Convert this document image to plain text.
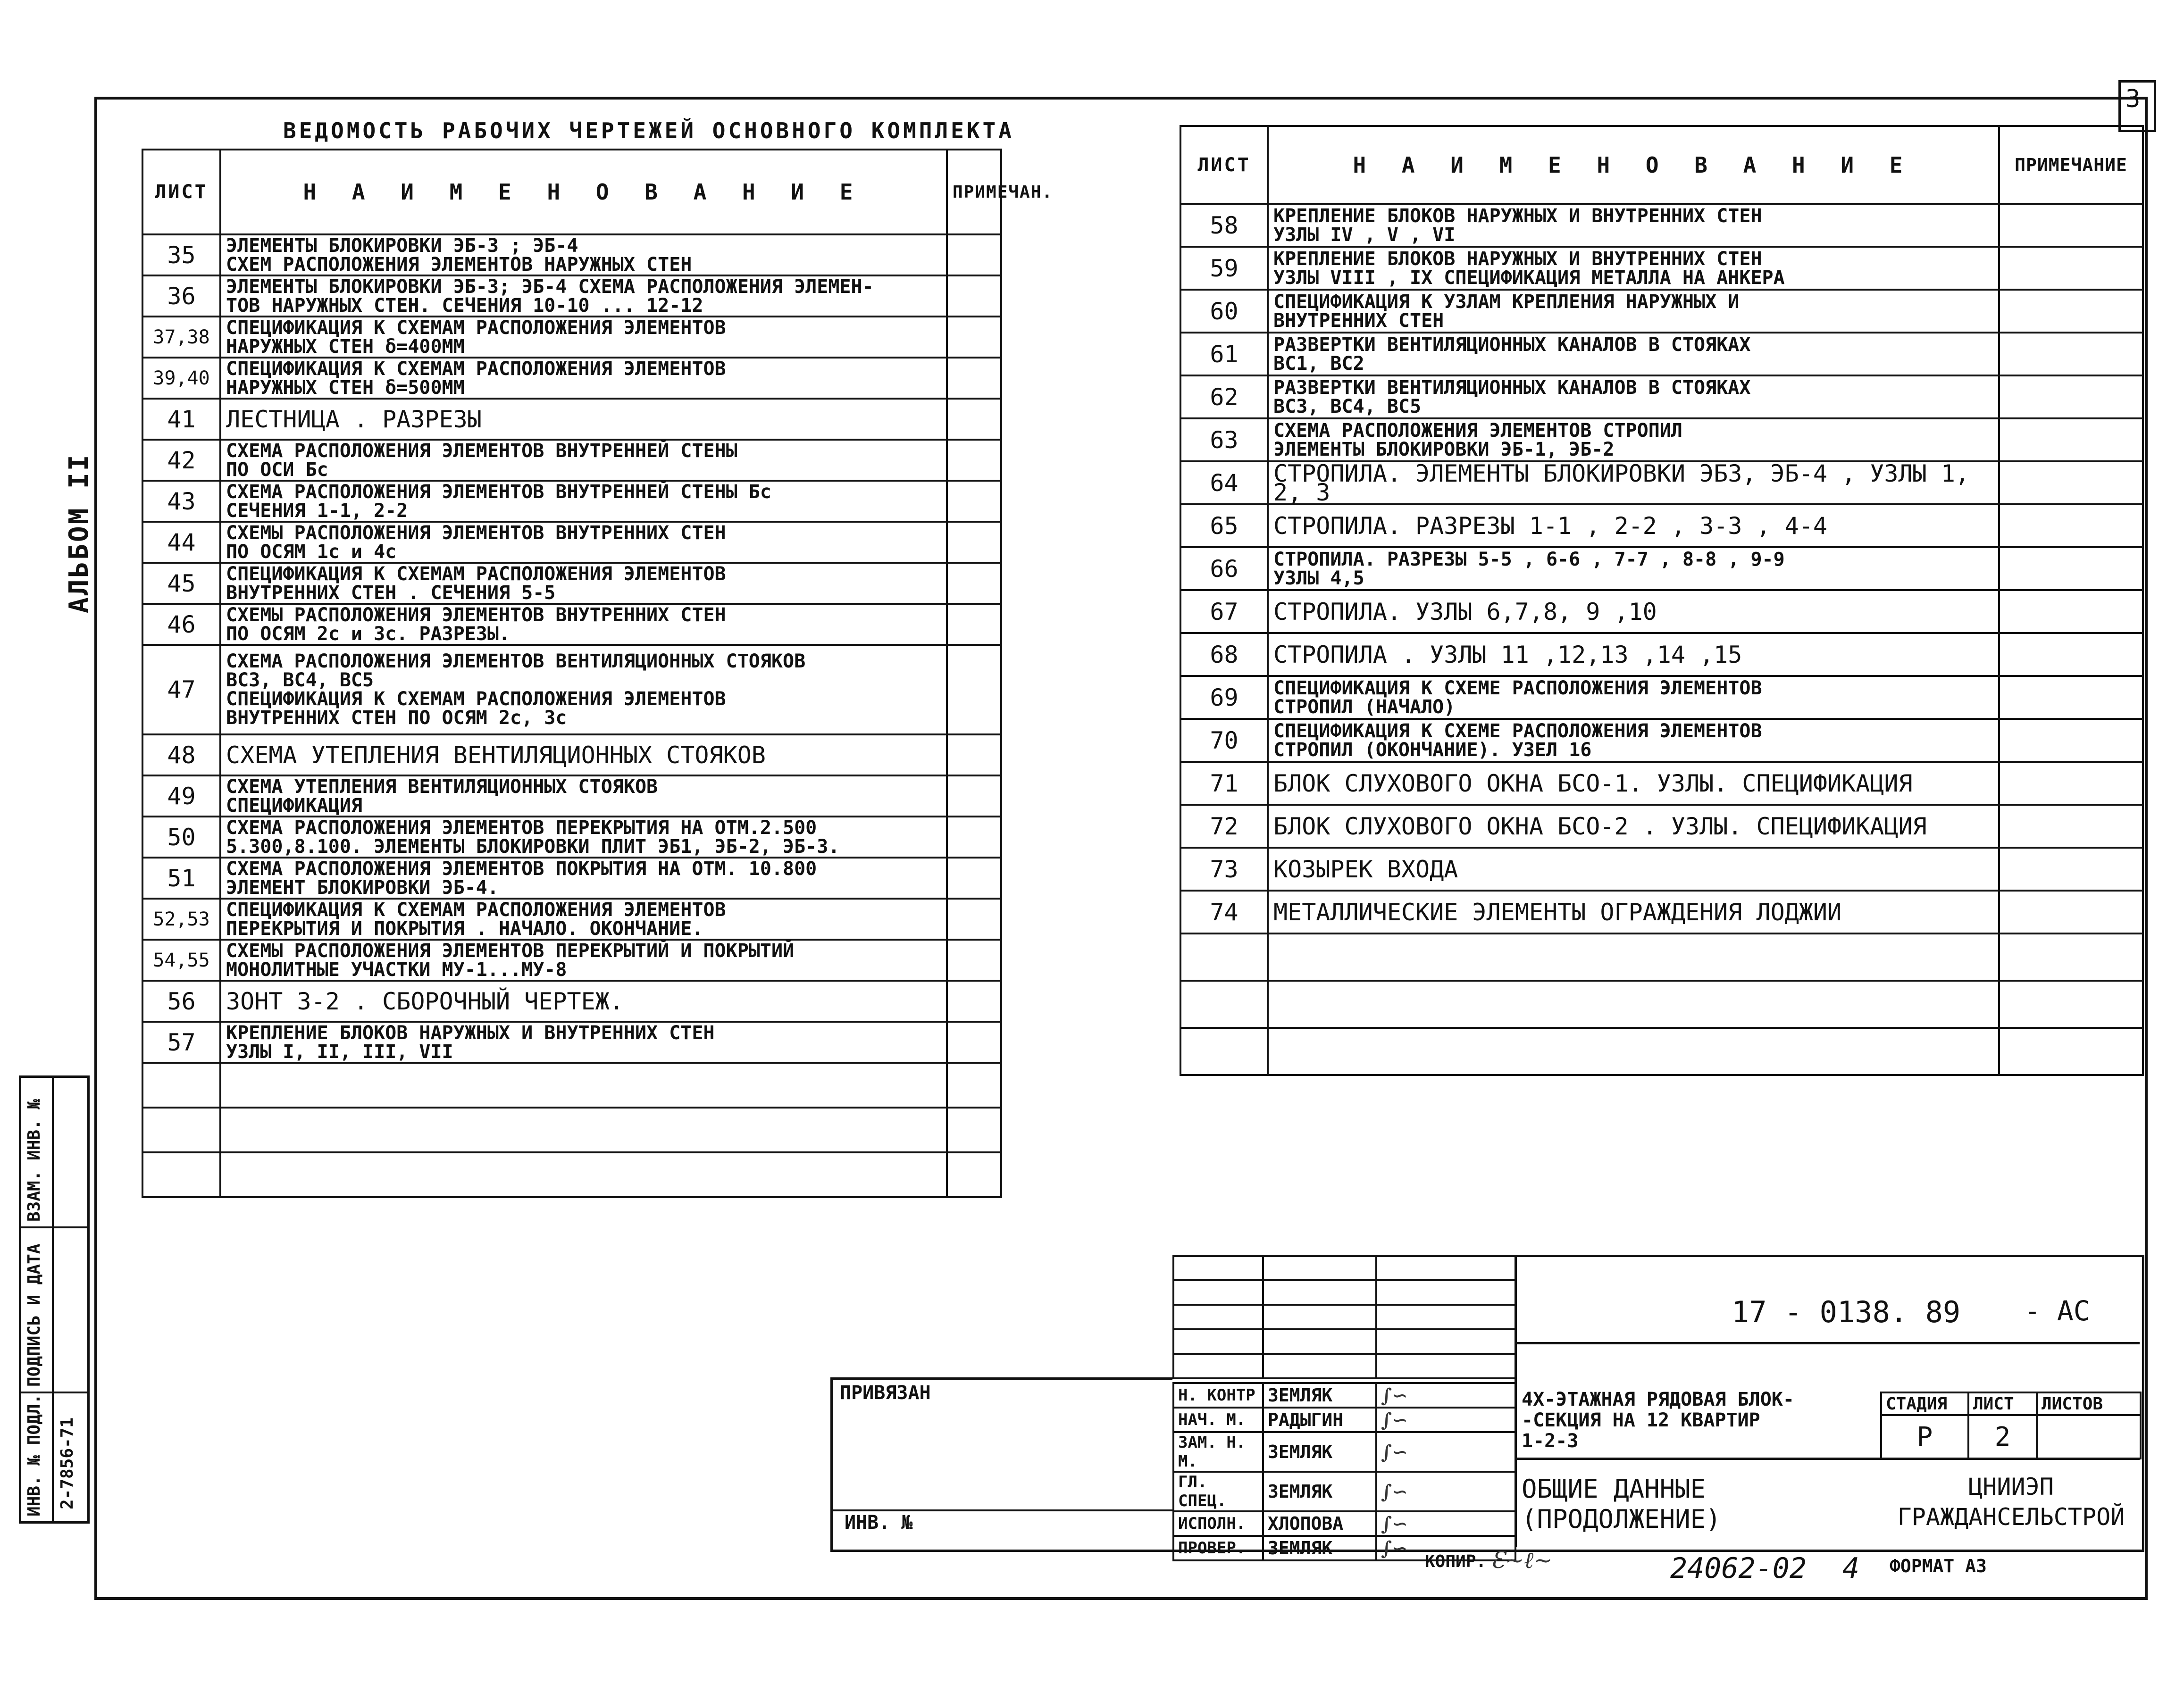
3
АЛЬБОМ II
ВЗАМ. ИНВ. №
ПОДПИСЬ И ДАТА
ИНВ. № ПОДЛ. 2-7856-71
ВЕДОМОСТЬ РАБОЧИХ ЧЕРТЕЖЕЙ ОСНОВНОГО КОМПЛЕКТА
ЛИСТ	Н А И М Е Н О В А Н И Е	ПРИМЕЧАН.
35	ЭЛЕМЕНТЫ БЛОКИРОВКИ ЭБ-3 ; ЭБ-4
СХЕМ РАСПОЛОЖЕНИЯ ЭЛЕМЕНТОВ НАРУЖНЫХ СТЕН	
36	ЭЛЕМЕНТЫ БЛОКИРОВКИ ЭБ-3; ЭБ-4 СХЕМА РАСПОЛОЖЕНИЯ ЭЛЕМЕН-
ТОВ НАРУЖНЫХ СТЕН. СЕЧЕНИЯ 10-10 ... 12-12	
37,38	СПЕЦИФИКАЦИЯ К СХЕМАМ РАСПОЛОЖЕНИЯ ЭЛЕМЕНТОВ
НАРУЖНЫХ СТЕН δ=400ММ	
39,40	СПЕЦИФИКАЦИЯ К СХЕМАМ РАСПОЛОЖЕНИЯ ЭЛЕМЕНТОВ
НАРУЖНЫХ СТЕН δ=500ММ	
41	ЛЕСТНИЦА . РАЗРЕЗЫ	
42	СХЕМА РАСПОЛОЖЕНИЯ ЭЛЕМЕНТОВ ВНУТРЕННЕЙ СТЕНЫ
ПО ОСИ Бс	
43	СХЕМА РАСПОЛОЖЕНИЯ ЭЛЕМЕНТОВ ВНУТРЕННЕЙ СТЕНЫ Бс
СЕЧЕНИЯ 1-1, 2-2	
44	СХЕМЫ РАСПОЛОЖЕНИЯ ЭЛЕМЕНТОВ ВНУТРЕННИХ СТЕН
ПО ОСЯМ 1с и 4с	
45	СПЕЦИФИКАЦИЯ К СХЕМАМ РАСПОЛОЖЕНИЯ ЭЛЕМЕНТОВ
ВНУТРЕННИХ СТЕН . СЕЧЕНИЯ 5-5	
46	СХЕМЫ РАСПОЛОЖЕНИЯ ЭЛЕМЕНТОВ ВНУТРЕННИХ СТЕН
ПО ОСЯМ 2с и 3с. РАЗРЕЗЫ.	
47	СХЕМА РАСПОЛОЖЕНИЯ ЭЛЕМЕНТОВ ВЕНТИЛЯЦИОННЫХ СТОЯКОВ
ВС3, ВС4, ВС5
СПЕЦИФИКАЦИЯ К СХЕМАМ РАСПОЛОЖЕНИЯ ЭЛЕМЕНТОВ
ВНУТРЕННИХ СТЕН ПО ОСЯМ 2с, 3с	
48	СХЕМА УТЕПЛЕНИЯ ВЕНТИЛЯЦИОННЫХ СТОЯКОВ	
49	СХЕМА УТЕПЛЕНИЯ ВЕНТИЛЯЦИОННЫХ СТОЯКОВ
СПЕЦИФИКАЦИЯ	
50	СХЕМА РАСПОЛОЖЕНИЯ ЭЛЕМЕНТОВ ПЕРЕКРЫТИЯ НА ОТМ.2.500
5.300,8.100. ЭЛЕМЕНТЫ БЛОКИРОВКИ ПЛИТ ЭБ1, ЭБ-2, ЭБ-3.	
51	СХЕМА РАСПОЛОЖЕНИЯ ЭЛЕМЕНТОВ ПОКРЫТИЯ НА ОТМ. 10.800
ЭЛЕМЕНТ БЛОКИРОВКИ ЭБ-4.	
52,53	СПЕЦИФИКАЦИЯ К СХЕМАМ РАСПОЛОЖЕНИЯ ЭЛЕМЕНТОВ
ПЕРЕКРЫТИЯ И ПОКРЫТИЯ . НАЧАЛО. ОКОНЧАНИЕ.	
54,55	СХЕМЫ РАСПОЛОЖЕНИЯ ЭЛЕМЕНТОВ ПЕРЕКРЫТИЙ И ПОКРЫТИЙ
МОНОЛИТНЫЕ УЧАСТКИ МУ-1...МУ-8	
56	ЗОНТ 3-2 . СБОРОЧНЫЙ ЧЕРТЕЖ.	
57	КРЕПЛЕНИЕ БЛОКОВ НАРУЖНЫХ И ВНУТРЕННИХ СТЕН
УЗЛЫ I, II, III, VII	

ЛИСТ	Н А И М Е Н О В А Н И Е	ПРИМЕЧАНИЕ
58	КРЕПЛЕНИЕ БЛОКОВ НАРУЖНЫХ И ВНУТРЕННИХ СТЕН
УЗЛЫ IV , V , VI	
59	КРЕПЛЕНИЕ БЛОКОВ НАРУЖНЫХ И ВНУТРЕННИХ СТЕН
УЗЛЫ VIII , IX СПЕЦИФИКАЦИЯ МЕТАЛЛА НА АНКЕРА	
60	СПЕЦИФИКАЦИЯ К УЗЛАМ КРЕПЛЕНИЯ НАРУЖНЫХ И
ВНУТРЕННИХ СТЕН	
61	РАЗВЕРТКИ ВЕНТИЛЯЦИОННЫХ КАНАЛОВ В СТОЯКАХ
ВС1, ВС2	
62	РАЗВЕРТКИ ВЕНТИЛЯЦИОННЫХ КАНАЛОВ В СТОЯКАХ
ВС3, ВС4, ВС5	
63	СХЕМА РАСПОЛОЖЕНИЯ ЭЛЕМЕНТОВ СТРОПИЛ
ЭЛЕМЕНТЫ БЛОКИРОВКИ ЭБ-1, ЭБ-2	
64	СТРОПИЛА. ЭЛЕМЕНТЫ БЛОКИРОВКИ ЭБ3, ЭБ-4 , УЗЛЫ 1, 2, 3	
65	СТРОПИЛА. РАЗРЕЗЫ 1-1 , 2-2 , 3-3 , 4-4	
66	СТРОПИЛА. РАЗРЕЗЫ 5-5 , 6-6 , 7-7 , 8-8 , 9-9
УЗЛЫ 4,5	
67	СТРОПИЛА. УЗЛЫ 6,7,8, 9 ,10	
68	СТРОПИЛА . УЗЛЫ 11 ,12,13 ,14 ,15	
69	СПЕЦИФИКАЦИЯ К СХЕМЕ РАСПОЛОЖЕНИЯ ЭЛЕМЕНТОВ
СТРОПИЛ (НАЧАЛО)	
70	СПЕЦИФИКАЦИЯ К СХЕМЕ РАСПОЛОЖЕНИЯ ЭЛЕМЕНТОВ
СТРОПИЛ (ОКОНЧАНИЕ). УЗЕЛ 16	
71	БЛОК СЛУХОВОГО ОКНА БСО-1. УЗЛЫ. СПЕЦИФИКАЦИЯ	
72	БЛОК СЛУХОВОГО ОКНА БСО-2 . УЗЛЫ. СПЕЦИФИКАЦИЯ	
73	КОЗЫРЕК ВХОДА	
74	МЕТАЛЛИЧЕСКИЕ ЭЛЕМЕНТЫ ОГРАЖДЕНИЯ ЛОДЖИИ	

ПРИВЯЗАН
ИНВ. №

Н. КОНТР	ЗЕМЛЯК	∫∽
НАЧ. М.	РАДЫГИН	∫∽
ЗАМ. Н. М.	ЗЕМЛЯК	∫∽
ГЛ. СПЕЦ.	ЗЕМЛЯК	∫∽
ИСПОЛН.	ХЛОПОВА	∫∽
ПРОВЕР.	ЗЕМЛЯК	∫∽
17 - 0138. 89 - АС
4Х-ЭТАЖНАЯ РЯДОВАЯ БЛОК-
-СЕКЦИЯ НА 12 КВАРТИР
1-2-3
ОБЩИЕ ДАННЫЕ
(ПРОДОЛЖЕНИЕ)
СТАДИЯ	ЛИСТ	ЛИСТОВ
Р	2	
ЦНИИЭП
ГРАЖДАНСЕЛЬСТРОЙ
КОПИР. Ɛ~ℓ~	24062-02 4 ФОРМАТ А3
